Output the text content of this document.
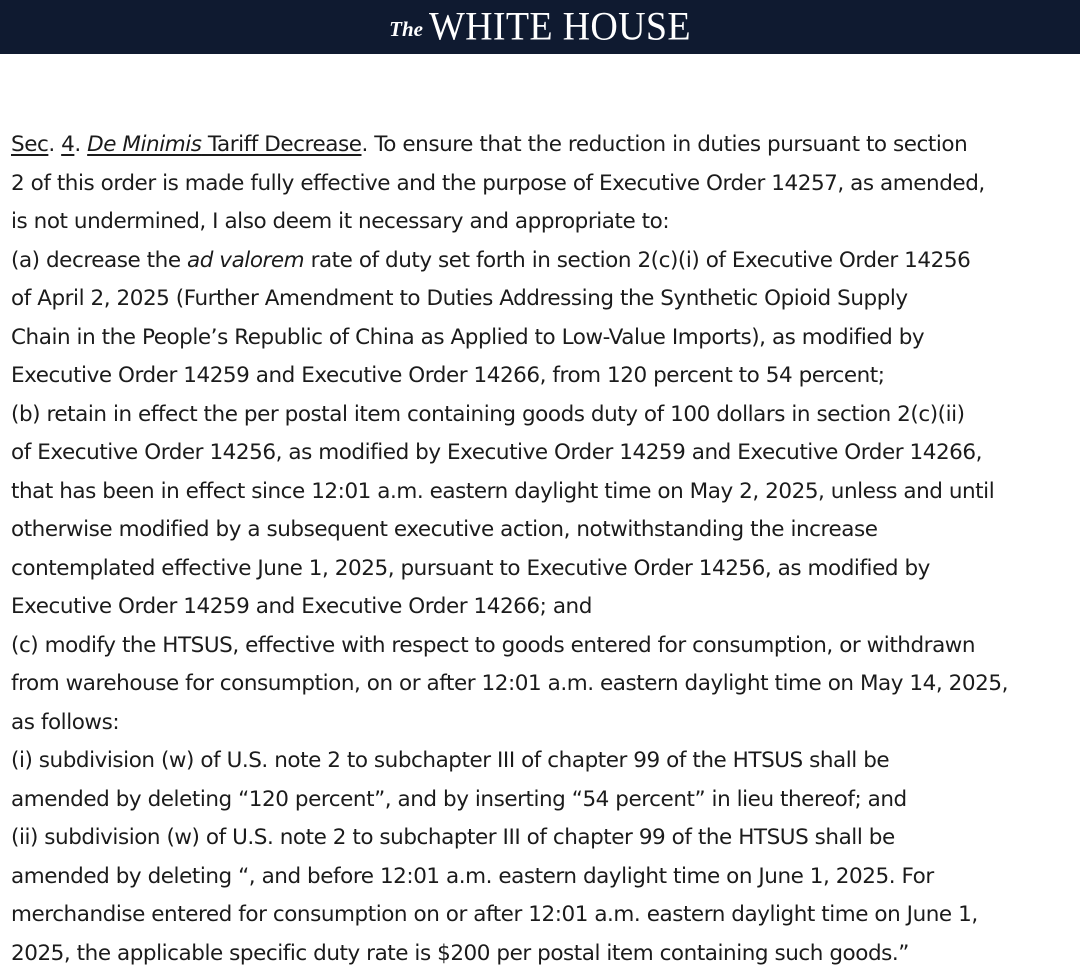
The WHITE HOUSE
Sec. 4. De Minimis Tariff Decrease. To ensure that the reduction in duties pursuant to section
2 of this order is made fully effective and the purpose of Executive Order 14257, as amended,
is not undermined, I also deem it necessary and appropriate to:
(a) decrease the ad valorem rate of duty set forth in section 2(c)(i) of Executive Order 14256
of April 2, 2025 (Further Amendment to Duties Addressing the Synthetic Opioid Supply
Chain in the People’s Republic of China as Applied to Low-Value Imports), as modified by
Executive Order 14259 and Executive Order 14266, from 120 percent to 54 percent;
(b) retain in effect the per postal item containing goods duty of 100 dollars in section 2(c)(ii)
of Executive Order 14256, as modified by Executive Order 14259 and Executive Order 14266,
that has been in effect since 12:01 a.m. eastern daylight time on May 2, 2025, unless and until
otherwise modified by a subsequent executive action, notwithstanding the increase
contemplated effective June 1, 2025, pursuant to Executive Order 14256, as modified by
Executive Order 14259 and Executive Order 14266; and
(c) modify the HTSUS, effective with respect to goods entered for consumption, or withdrawn
from warehouse for consumption, on or after 12:01 a.m. eastern daylight time on May 14, 2025,
as follows:
(i) subdivision (w) of U.S. note 2 to subchapter III of chapter 99 of the HTSUS shall be
amended by deleting “120 percent”, and by inserting “54 percent” in lieu thereof; and
(ii) subdivision (w) of U.S. note 2 to subchapter III of chapter 99 of the HTSUS shall be
amended by deleting “, and before 12:01 a.m. eastern daylight time on June 1, 2025. For
merchandise entered for consumption on or after 12:01 a.m. eastern daylight time on June 1,
2025, the applicable specific duty rate is $200 per postal item containing such goods.”
